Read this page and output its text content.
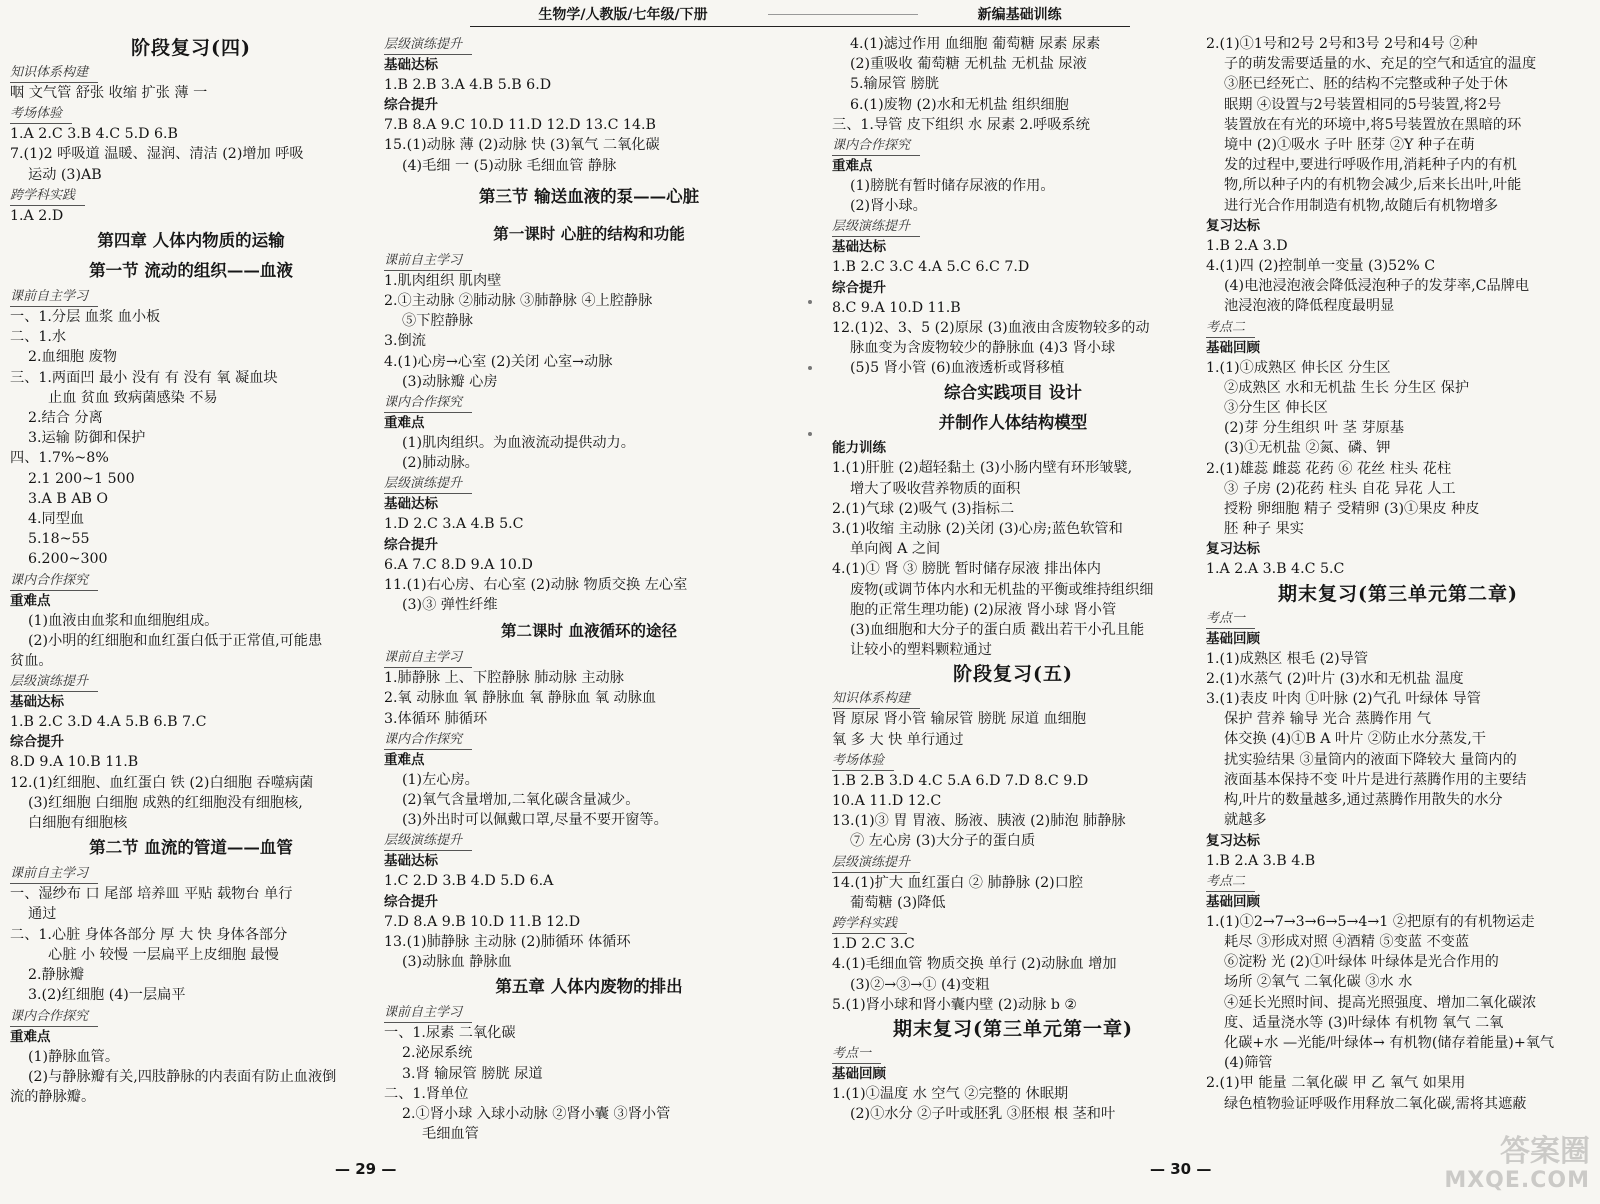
生物学/人教版/七年级/下册	新编基础训练
阶段复习(四)
知识体系构建
咽 文气管 舒张 收缩 扩张 薄 一
考场体验
1.A 2.C 3.B 4.C 5.D 6.B
7.(1)2 呼吸道 温暖、湿润、清洁 (2)增加 呼吸
运动 (3)AB
跨学科实践
1.A 2.D
第四章 人体内物质的运输
第一节 流动的组织——血液
课前自主学习
一、1.分层 血浆 血小板
二、1.水
2.血细胞 废物
三、1.两面凹 最小 没有 有 没有 氧 凝血块
止血 贫血 致病菌感染 不易
2.结合 分离
3.运输 防御和保护
四、1.7%~8%
2.1 200~1 500
3.A B AB O
4.同型血
5.18~55
6.200~300
课内合作探究
重难点
(1)血液由血浆和血细胞组成。
(2)小明的红细胞和血红蛋白低于正常值,可能患
贫血。
层级演练提升
基础达标
1.B 2.C 3.D 4.A 5.B 6.B 7.C
综合提升
8.D 9.A 10.B 11.B
12.(1)红细胞、血红蛋白 铁 (2)白细胞 吞噬病菌
(3)红细胞 白细胞 成熟的红细胞没有细胞核,
白细胞有细胞核
第二节 血流的管道——血管
课前自主学习
一、湿纱布 口 尾部 培养皿 平贴 载物台 单行
通过
二、1.心脏 身体各部分 厚 大 快 身体各部分
心脏 小 较慢 一层扁平上皮细胞 最慢
2.静脉瓣
3.(2)红细胞 (4)一层扁平
课内合作探究
重难点
(1)静脉血管。
(2)与静脉瓣有关,四肢静脉的内表面有防止血液倒
流的静脉瓣。
层级演练提升
基础达标
1.B 2.B 3.A 4.B 5.B 6.D
综合提升
7.B 8.A 9.C 10.D 11.D 12.D 13.C 14.B
15.(1)动脉 薄 (2)动脉 快 (3)氧气 二氧化碳
(4)毛细 一 (5)动脉 毛细血管 静脉
第三节 输送血液的泵——心脏
第一课时 心脏的结构和功能
课前自主学习
1.肌肉组织 肌肉壁
2.①主动脉 ②肺动脉 ③肺静脉 ④上腔静脉
⑤下腔静脉
3.倒流
4.(1)心房→心室 (2)关闭 心室→动脉
(3)动脉瓣 心房
课内合作探究
重难点
(1)肌肉组织。为血液流动提供动力。
(2)肺动脉。
层级演练提升
基础达标
1.D 2.C 3.A 4.B 5.C
综合提升
6.A 7.C 8.D 9.A 10.D
11.(1)右心房、右心室 (2)动脉 物质交换 左心室
(3)③ 弹性纤维
第二课时 血液循环的途径
课前自主学习
1.肺静脉 上、下腔静脉 肺动脉 主动脉
2.氧 动脉血 氧 静脉血 氧 静脉血 氧 动脉血
3.体循环 肺循环
课内合作探究
重难点
(1)左心房。
(2)氧气含量增加,二氧化碳含量减少。
(3)外出时可以佩戴口罩,尽量不要开窗等。
层级演练提升
基础达标
1.C 2.D 3.B 4.D 5.D 6.A
综合提升
7.D 8.A 9.B 10.D 11.B 12.D
13.(1)肺静脉 主动脉 (2)肺循环 体循环
(3)动脉血 静脉血
第五章 人体内废物的排出
课前自主学习
一、1.尿素 二氧化碳
2.泌尿系统
3.肾 输尿管 膀胱 尿道
二、1.肾单位
2.①肾小球 入球小动脉 ②肾小囊 ③肾小管
毛细血管
4.(1)滤过作用 血细胞 葡萄糖 尿素 尿素
(2)重吸收 葡萄糖 无机盐 无机盐 尿液
5.输尿管 膀胱
6.(1)废物 (2)水和无机盐 组织细胞
三、1.导管 皮下组织 水 尿素 2.呼吸系统
课内合作探究
重难点
(1)膀胱有暂时储存尿液的作用。
(2)肾小球。
层级演练提升
基础达标
1.B 2.C 3.C 4.A 5.C 6.C 7.D
综合提升
8.C 9.A 10.D 11.B
12.(1)2、3、5 (2)原尿 (3)血液由含废物较多的动
脉血变为含废物较少的静脉血 (4)3 肾小球
(5)5 肾小管 (6)血液透析或肾移植
综合实践项目 设计
并制作人体结构模型
能力训练
1.(1)肝脏 (2)超轻黏土 (3)小肠内壁有环形皱襞,
增大了吸收营养物质的面积
2.(1)气球 (2)吸气 (3)指标二
3.(1)收缩 主动脉 (2)关闭 (3)心房;蓝色软管和
单向阀 A 之间
4.(1)① 肾 ③ 膀胱 暂时储存尿液 排出体内
废物(或调节体内水和无机盐的平衡或维持组织细
胞的正常生理功能) (2)尿液 肾小球 肾小管
(3)血细胞和大分子的蛋白质 戳出若干小孔且能
让较小的塑料颗粒通过
阶段复习(五)
知识体系构建
肾 原尿 肾小管 输尿管 膀胱 尿道 血细胞
氧 多 大 快 单行通过
考场体验
1.B 2.B 3.D 4.C 5.A 6.D 7.D 8.C 9.D
10.A 11.D 12.C
13.(1)③ 胃 胃液、肠液、胰液 (2)肺泡 肺静脉
⑦ 左心房 (3)大分子的蛋白质
层级演练提升
14.(1)扩大 血红蛋白 ② 肺静脉 (2)口腔
葡萄糖 (3)降低
跨学科实践
1.D 2.C 3.C
4.(1)毛细血管 物质交换 单行 (2)动脉血 增加
(3)②→③→① (4)变粗
5.(1)肾小球和肾小囊内壁 (2)动脉 b ②
期末复习(第三单元第一章)
考点一
基础回顾
1.(1)①温度 水 空气 ②完整的 休眠期
(2)①水分 ②子叶或胚乳 ③胚根 根 茎和叶
2.(1)①1号和2号 2号和3号 2号和4号 ②种
子的萌发需要适量的水、充足的空气和适宜的温度
③胚已经死亡、胚的结构不完整或种子处于休
眠期 ④设置与2号装置相同的5号装置,将2号
装置放在有光的环境中,将5号装置放在黑暗的环
境中 (2)①吸水 子叶 胚芽 ②Y 种子在萌
发的过程中,要进行呼吸作用,消耗种子内的有机
物,所以种子内的有机物会减少,后来长出叶,叶能
进行光合作用制造有机物,故随后有机物增多
复习达标
1.B 2.A 3.D
4.(1)四 (2)控制单一变量 (3)52% C
(4)电池浸泡液会降低浸泡种子的发芽率,C品牌电
池浸泡液的降低程度最明显
考点二
基础回顾
1.(1)①成熟区 伸长区 分生区
②成熟区 水和无机盐 生长 分生区 保护
③分生区 伸长区
(2)芽 分生组织 叶 茎 芽原基
(3)①无机盐 ②氮、磷、钾
2.(1)雄蕊 雌蕊 花药 ⑥ 花丝 柱头 花柱
③ 子房 (2)花药 柱头 自花 异花 人工
授粉 卵细胞 精子 受精卵 (3)①果皮 种皮
胚 种子 果实
复习达标
1.A 2.A 3.B 4.C 5.C
期末复习(第三单元第二章)
考点一
基础回顾
1.(1)成熟区 根毛 (2)导管
2.(1)水蒸气 (2)叶片 (3)水和无机盐 温度
3.(1)表皮 叶肉 ①叶脉 (2)气孔 叶绿体 导管
保护 营养 输导 光合 蒸腾作用 气
体交换 (4)①B A 叶片 ②防止水分蒸发,干
扰实验结果 ③量筒内的液面下降较大 量筒内的
液面基本保持不变 叶片是进行蒸腾作用的主要结
构,叶片的数量越多,通过蒸腾作用散失的水分
就越多
复习达标
1.B 2.A 3.B 4.B
考点二
基础回顾
1.(1)①2→7→3→6→5→4→1 ②把原有的有机物运走
耗尽 ③形成对照 ④酒精 ⑤变蓝 不变蓝
⑥淀粉 光 (2)①叶绿体 叶绿体是光合作用的
场所 ②氧气 二氧化碳 ③水 水
④延长光照时间、提高光照强度、增加二氧化碳浓
度、适量浇水等 (3)叶绿体 有机物 氧气 二氧
化碳+水 —光能/叶绿体→ 有机物(储存着能量)+氧气
(4)筛管
2.(1)甲 能量 二氧化碳 甲 乙 氧气 如果用
绿色植物验证呼吸作用释放二氧化碳,需将其遮蔽
— 29 —	— 30 —	答案圈
MXQE.COM
